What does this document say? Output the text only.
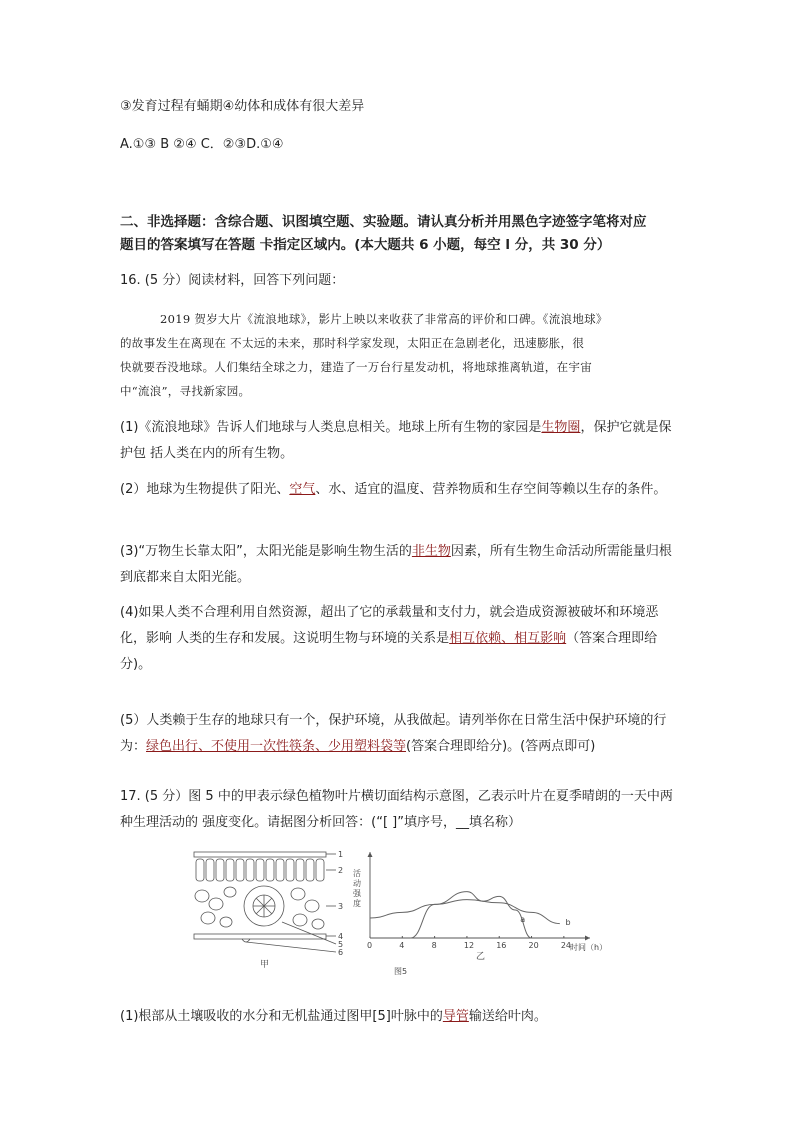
③发育过程有蛹期④幼体和成体有很大差异
A.①③ B ②④ C．②③D.①④
二、非选择题：含综合题、识图填空题、实验题。请认真分析并用黑色字迹签字笔将对应
题目的答案填写在答题 卡指定区域内。(本大题共 6 小题，每空 l 分，共 30 分）
16. (5 分）阅读材料，回答下列问题：
2019 贺岁大片《流浪地球》，影片上映以来收获了非常高的评价和口碑。《流浪地球》
的故事发生在离现在 不太远的未来，那时科学家发现，太阳正在急剧老化，迅速膨胀，很
快就要吞没地球。人们集结全球之力，建造了一万台行星发动机，将地球推离轨道，在宇宙
中“流浪”，寻找新家园。
(1)《流浪地球》告诉人们地球与人类息息相关。地球上所有生物的家园是生物圈，保护它就是保护包 括人类在内的所有生物。
(2）地球为生物提供了阳光、空气、水、适宜的温度、营养物质和生存空间等赖以生存的条件。
(3)“万物生长靠太阳”，太阳光能是影响生物生活的非生物因素，所有生物生命活动所需能量归根到底都来自太阳光能。
(4)如果人类不合理利用自然资源，超出了它的承载量和支付力，就会造成资源被破坏和环境恶化，影响 人类的生存和发展。这说明生物与环境的关系是相互依赖、相互影响（答案合理即给分)。
(5）人类赖于生存的地球只有一个，保护环境，从我做起。请列举你在日常生活中保护环境的行为：绿色出行、不使用一次性筷条、少用塑料袋等(答案合理即给分)。(答两点即可)
17. (5 分）图 5 中的甲表示绿色植物叶片横切面结构示意图，乙表示叶片在夏季晴朗的一天中两种生理活动的 强度变化。请据图分析回答：(“[ ]”填序号，__填名称）
1
2
3
4
5
6
甲
活
动
强
度
0	4	8	12	16	20	24
a	b
时间（h）
乙
图5
(1)根部从土壤吸收的水分和无机盐通过图甲[5]叶脉中的导管输送给叶肉。
